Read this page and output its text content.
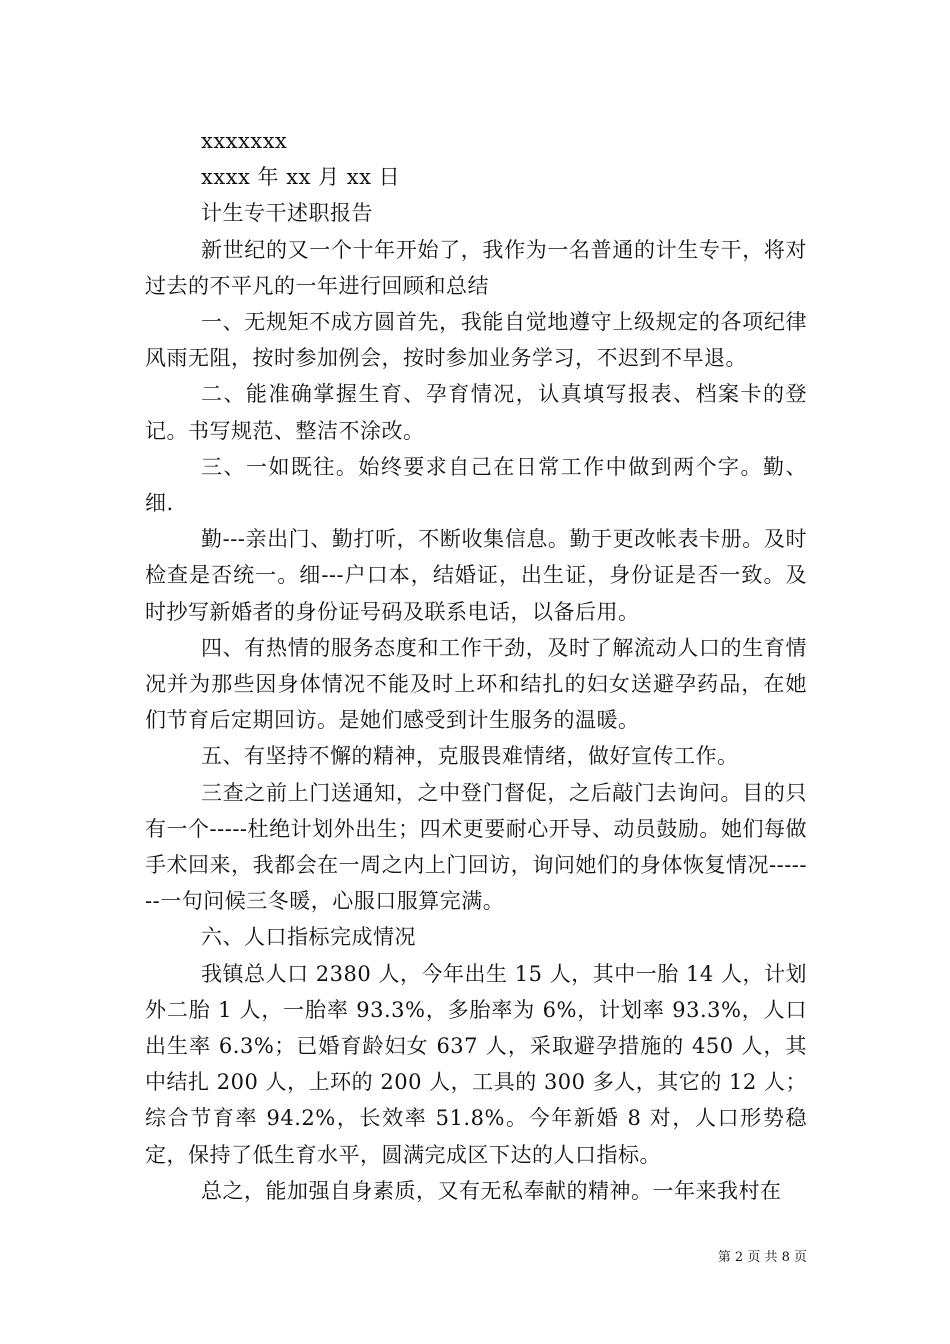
xxxxxxx

xxxx 年 xx 月 xx 日

计生专干述职报告

新世纪的又一个十年开始了，我作为一名普通的计生专干，将对过去的不平凡的一年进行回顾和总结

一、无规矩不成方圆首先，我能自觉地遵守上级规定的各项纪律风雨无阻，按时参加例会，按时参加业务学习，不迟到不早退。

二、能准确掌握生育、孕育情况，认真填写报表、档案卡的登记。书写规范、整洁不涂改。

三、一如既往。始终要求自己在日常工作中做到两个字。勤、细.

勤---亲出门、勤打听，不断收集信息。勤于更改帐表卡册。及时检查是否统一。细---户口本，结婚证，出生证，身份证是否一致。及时抄写新婚者的身份证号码及联系电话，以备后用。

四、有热情的服务态度和工作干劲，及时了解流动人口的生育情况并为那些因身体情况不能及时上环和结扎的妇女送避孕药品，在她们节育后定期回访。是她们感受到计生服务的温暖。

五、有坚持不懈的精神，克服畏难情绪，做好宣传工作。

三查之前上门送通知，之中登门督促，之后敲门去询问。目的只有一个-----杜绝计划外出生；四术更要耐心开导、动员鼓励。她们每做手术回来，我都会在一周之内上门回访，询问她们的身体恢复情况-------一句问候三冬暖，心服口服算完满。

六、人口指标完成情况

我镇总人口 2380 人，今年出生 15 人，其中一胎 14 人，计划外二胎 1 人，一胎率 93.3%，多胎率为 6%，计划率 93.3%，人口出生率 6.3%；已婚育龄妇女 637 人，采取避孕措施的 450 人，其中结扎 200 人，上环的 200 人，工具的 300 多人，其它的 12 人；综合节育率 94.2%，长效率 51.8%。今年新婚 8 对，人口形势稳定，保持了低生育水平，圆满完成区下达的人口指标。

总之，能加强自身素质，又有无私奉献的精神。一年来我村在

第 2 页 共 8 页
